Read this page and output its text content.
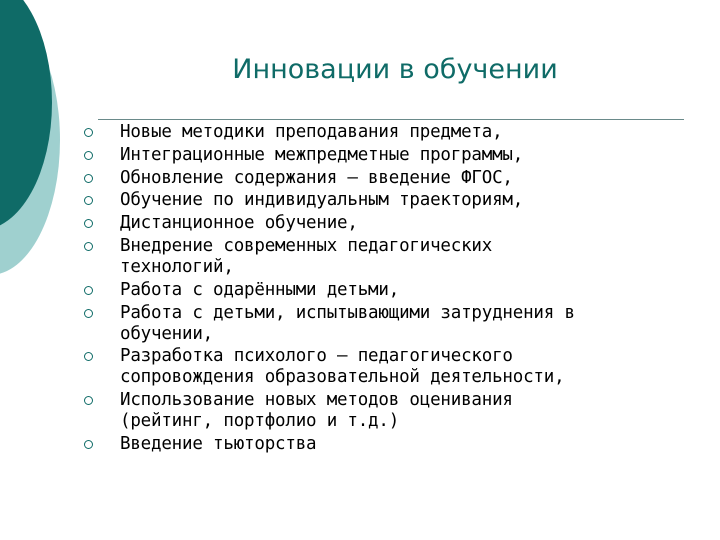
Инновации в обучении
Новые методики преподавания предмета,
Интеграционные межпредметные программы,
Обновление содержания – введение ФГОС,
Обучение по индивидуальным траекториям,
Дистанционное обучение,
Внедрение современных педагогических
технологий,
Работа с одарёнными детьми,
Работа с детьми, испытывающими затруднения в
обучении,
Разработка психолого – педагогического
сопровождения образовательной деятельности,
Использование новых методов оценивания
(рейтинг, портфолио и т.д.)
Введение тьюторства
